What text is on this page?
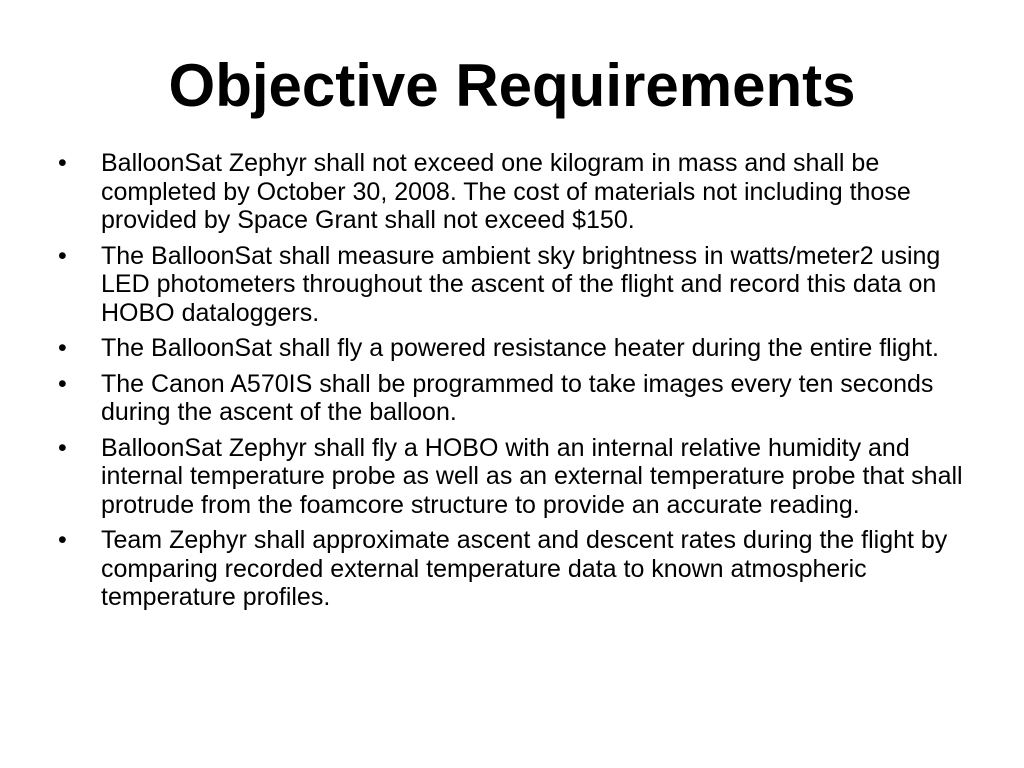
Objective Requirements
• BalloonSat Zephyr shall not exceed one kilogram in mass and shall be completed by October 30, 2008. The cost of materials not including those provided by Space Grant shall not exceed $150.
• The BalloonSat shall measure ambient sky brightness in watts/meter2 using LED photometers throughout the ascent of the flight and record this data on HOBO dataloggers.
• The BalloonSat shall fly a powered resistance heater during the entire flight.
• The Canon A570IS shall be programmed to take images every ten seconds during the ascent of the balloon.
• BalloonSat Zephyr shall fly a HOBO with an internal relative humidity and internal temperature probe as well as an external temperature probe that shall protrude from the foamcore structure to provide an accurate reading.
• Team Zephyr shall approximate ascent and descent rates during the flight by comparing recorded external temperature data to known atmospheric temperature profiles.
